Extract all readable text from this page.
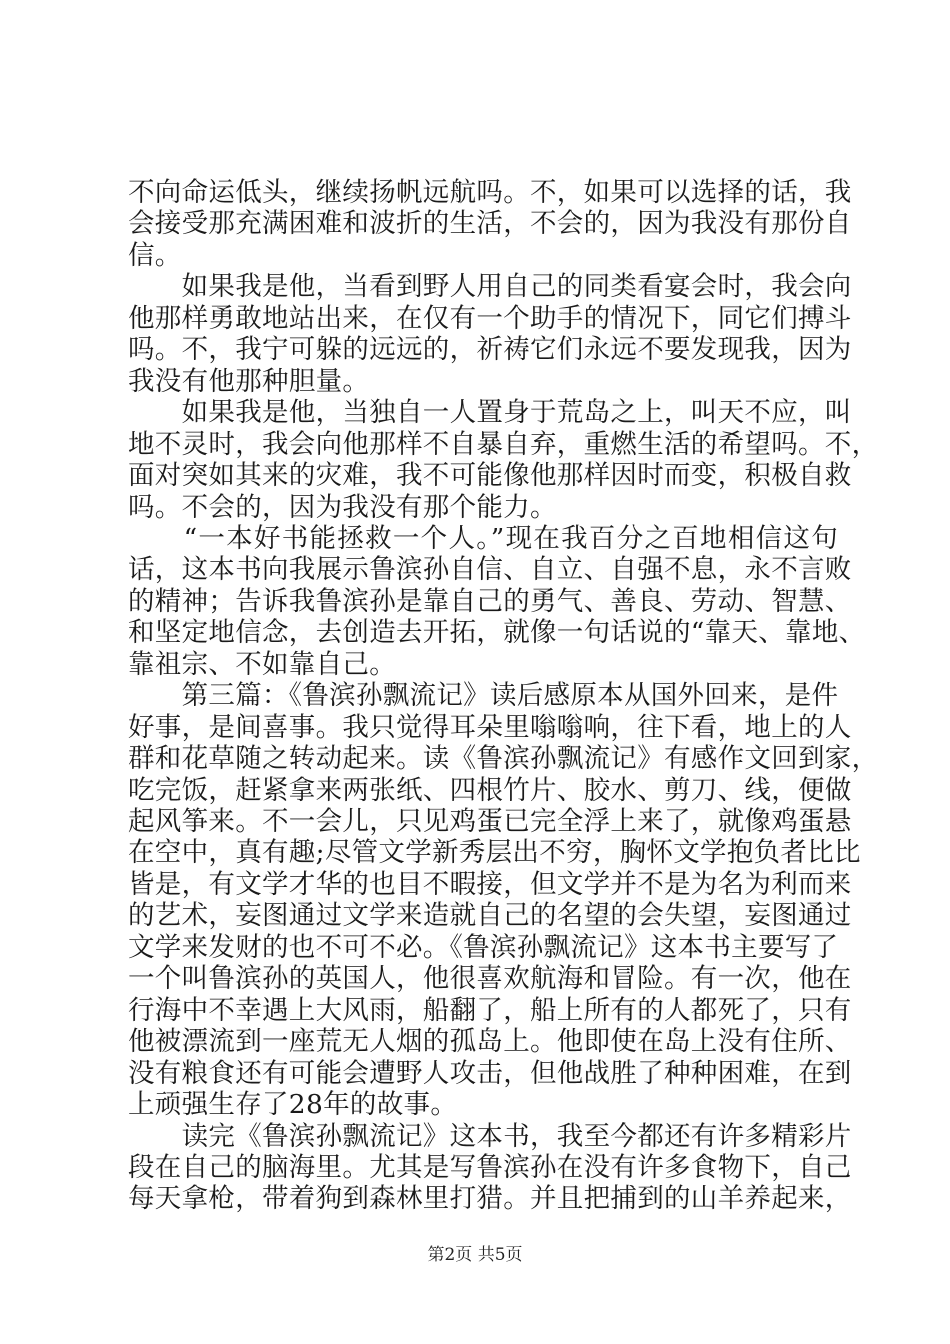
不向命运低头，继续扬帆远航吗。不，如果可以选择的话，我
会接受那充满困难和波折的生活，不会的，因为我没有那份自
信。
　　如果我是他，当看到野人用自己的同类看宴会时，我会向
他那样勇敢地站出来，在仅有一个助手的情况下，同它们搏斗
吗。不，我宁可躲的远远的，祈祷它们永远不要发现我，因为
我没有他那种胆量。
　　如果我是他，当独自一人置身于荒岛之上，叫天不应，叫
地不灵时，我会向他那样不自暴自弃，重燃生活的希望吗。不，
面对突如其来的灾难，我不可能像他那样因时而变，积极自救
吗。不会的，因为我没有那个能力。
　　“一本好书能拯救一个人。”现在我百分之百地相信这句
话，这本书向我展示鲁滨孙自信、自立、自强不息，永不言败
的精神；告诉我鲁滨孙是靠自己的勇气、善良、劳动、智慧、
和坚定地信念，去创造去开拓，就像一句话说的“靠天、靠地、
靠祖宗、不如靠自己。
　　第三篇：《鲁滨孙飘流记》读后感原本从国外回来，是件
好事，是间喜事。我只觉得耳朵里嗡嗡响，往下看，地上的人
群和花草随之转动起来。读《鲁滨孙飘流记》有感作文回到家，
吃完饭，赶紧拿来两张纸、四根竹片、胶水、剪刀、线，便做
起风筝来。不一会儿，只见鸡蛋已完全浮上来了，就像鸡蛋悬
在空中，真有趣;尽管文学新秀层出不穷，胸怀文学抱负者比比
皆是，有文学才华的也目不暇接，但文学并不是为名为利而来
的艺术，妄图通过文学来造就自己的名望的会失望，妄图通过
文学来发财的也不可不必。《鲁滨孙飘流记》这本书主要写了
一个叫鲁滨孙的英国人，他很喜欢航海和冒险。有一次，他在
行海中不幸遇上大风雨，船翻了，船上所有的人都死了，只有
他被漂流到一座荒无人烟的孤岛上。他即使在岛上没有住所、
没有粮食还有可能会遭野人攻击，但他战胜了种种困难，在到
上顽强生存了28年的故事。
　　读完《鲁滨孙飘流记》这本书，我至今都还有许多精彩片
段在自己的脑海里。尤其是写鲁滨孙在没有许多食物下，自己
每天拿枪，带着狗到森林里打猎。并且把捕到的山羊养起来，
第2页 共5页
